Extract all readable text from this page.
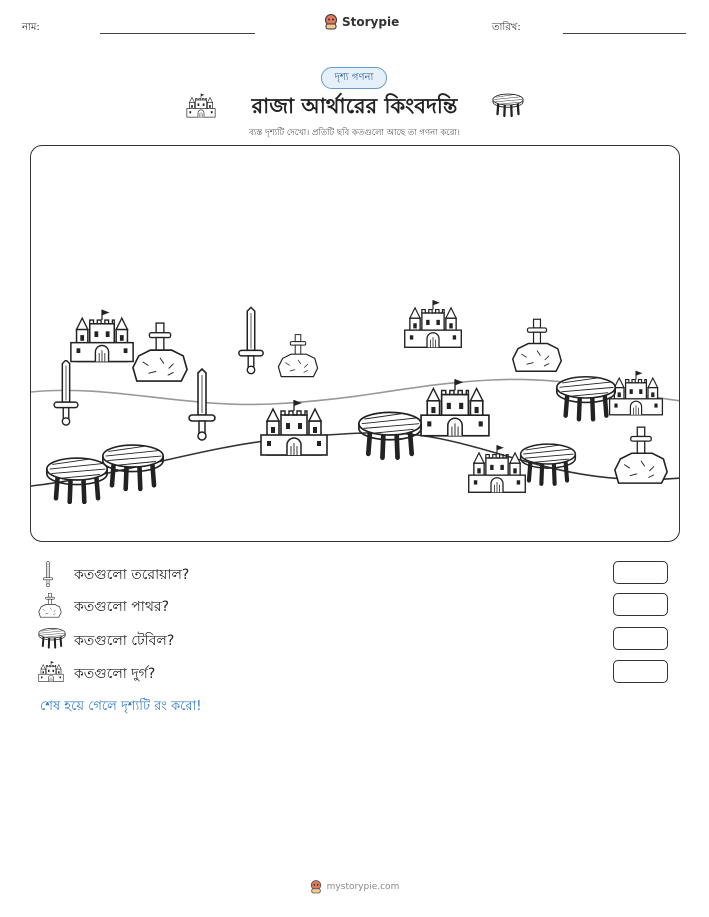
নাম:	Storypie	তারিখ:
দৃশ্য গণনা
রাজা আর্থারের কিংবদন্তি
ব্যস্ত দৃশ্যটি দেখো। প্রতিটি ছবি কতগুলো আছে তা গণনা করো।
কতগুলো তরোয়াল?
কতগুলো পাথর?
কতগুলো টেবিল?
কতগুলো দুর্গ?
শেষ হয়ে গেলে দৃশ্যটি রং করো!
mystorypie.com
